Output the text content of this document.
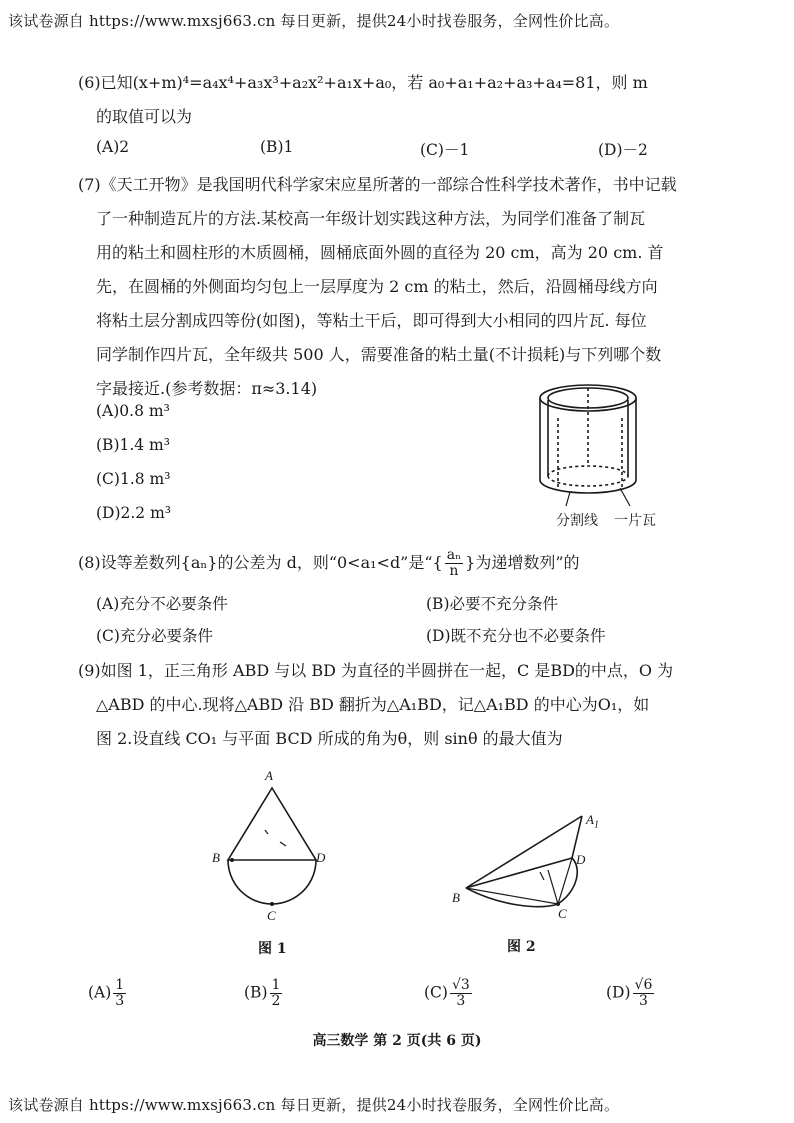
该试卷源自 https://www.mxsj663.cn 每日更新，提供24小时找卷服务，全网性价比高。
(6)已知(x+m)⁴=a₄x⁴+a₃x³+a₂x²+a₁x+a₀，若 a₀+a₁+a₂+a₃+a₄=81，则 m
的取值可以为
(A)2	(B)1	(C)－1	(D)－2
(7)《天工开物》是我国明代科学家宋应星所著的一部综合性科学技术著作，书中记载
了一种制造瓦片的方法.某校高一年级计划实践这种方法，为同学们准备了制瓦
用的粘土和圆柱形的木质圆桶，圆桶底面外圆的直径为 20 cm，高为 20 cm. 首
先，在圆桶的外侧面均匀包上一层厚度为 2 cm 的粘土，然后，沿圆桶母线方向
将粘土层分割成四等份(如图)，等粘土干后，即可得到大小相同的四片瓦. 每位
同学制作四片瓦，全年级共 500 人，需要准备的粘土量(不计损耗)与下列哪个数
字最接近.(参考数据：π≈3.14)
(A)0.8 m³
(B)1.4 m³
(C)1.8 m³
(D)2.2 m³	分割线 一片瓦
(8)设等差数列{aₙ}的公差为 d，则“0<a₁<d”是“{ $\frac{\text{aₙ}}{n}$ }为递增数列”的
(A)充分不必要条件	(B)必要不充分条件
(C)充分必要条件	(D)既不充分也不必要条件
(9)如图 1，正三角形 ABD 与以 BD 为直径的半圆拼在一起，C 是BD的中点，O 为
△ABD 的中心.现将△ABD 沿 BD 翻折为△A₁BD，记△A₁BD 的中心为O₁，如
图 2.设直线 CO₁ 与平面 BCD 所成的角为θ，则 sinθ 的最大值为
A
B	D
C
图 1
$A_1$
D
B
C
图 2
$(A) \frac{1}{3}$	$(B) \frac{1}{2}$	$(C) \frac{√3}{3}$	$(D) \frac{√6}{3}$
高三数学 第 2 页(共 6 页)
该试卷源自 https://www.mxsj663.cn 每日更新，提供24小时找卷服务，全网性价比高。
